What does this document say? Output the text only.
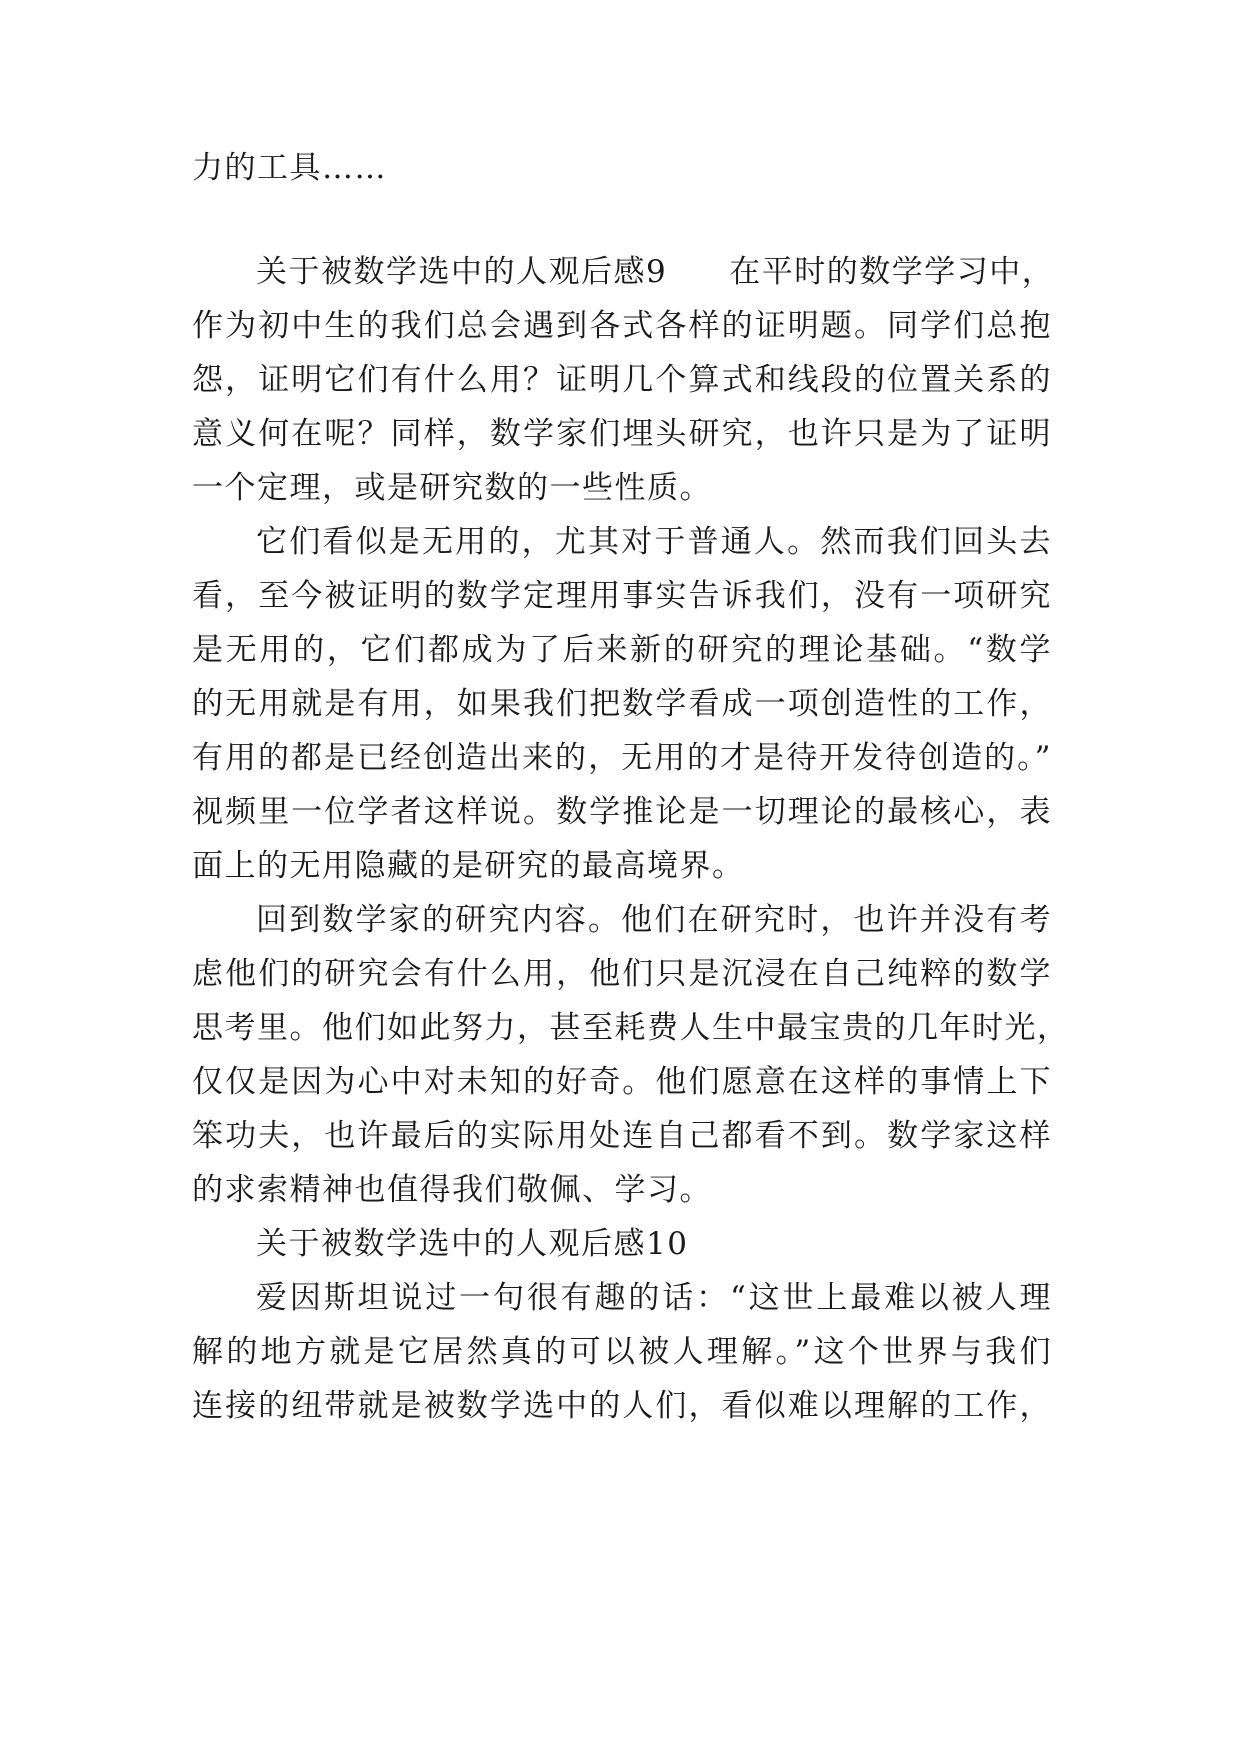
力的工具……
关于被数学选中的人观后感9 在平时的数学学习中，
作为初中生的我们总会遇到各式各样的证明题。同学们总抱
怨，证明它们有什么用？证明几个算式和线段的位置关系的
意义何在呢？同样，数学家们埋头研究，也许只是为了证明
一个定理，或是研究数的一些性质。
它们看似是无用的，尤其对于普通人。然而我们回头去
看，至今被证明的数学定理用事实告诉我们，没有一项研究
是无用的，它们都成为了后来新的研究的理论基础。“数学
的无用就是有用，如果我们把数学看成一项创造性的工作，
有用的都是已经创造出来的，无用的才是待开发待创造的。”
视频里一位学者这样说。数学推论是一切理论的最核心，表
面上的无用隐藏的是研究的最高境界。
回到数学家的研究内容。他们在研究时，也许并没有考
虑他们的研究会有什么用，他们只是沉浸在自己纯粹的数学
思考里。他们如此努力，甚至耗费人生中最宝贵的几年时光，
仅仅是因为心中对未知的好奇。他们愿意在这样的事情上下
笨功夫，也许最后的实际用处连自己都看不到。数学家这样
的求索精神也值得我们敬佩、学习。
关于被数学选中的人观后感10
爱因斯坦说过一句很有趣的话：“这世上最难以被人理
解的地方就是它居然真的可以被人理解。”这个世界与我们
连接的纽带就是被数学选中的人们，看似难以理解的工作，
